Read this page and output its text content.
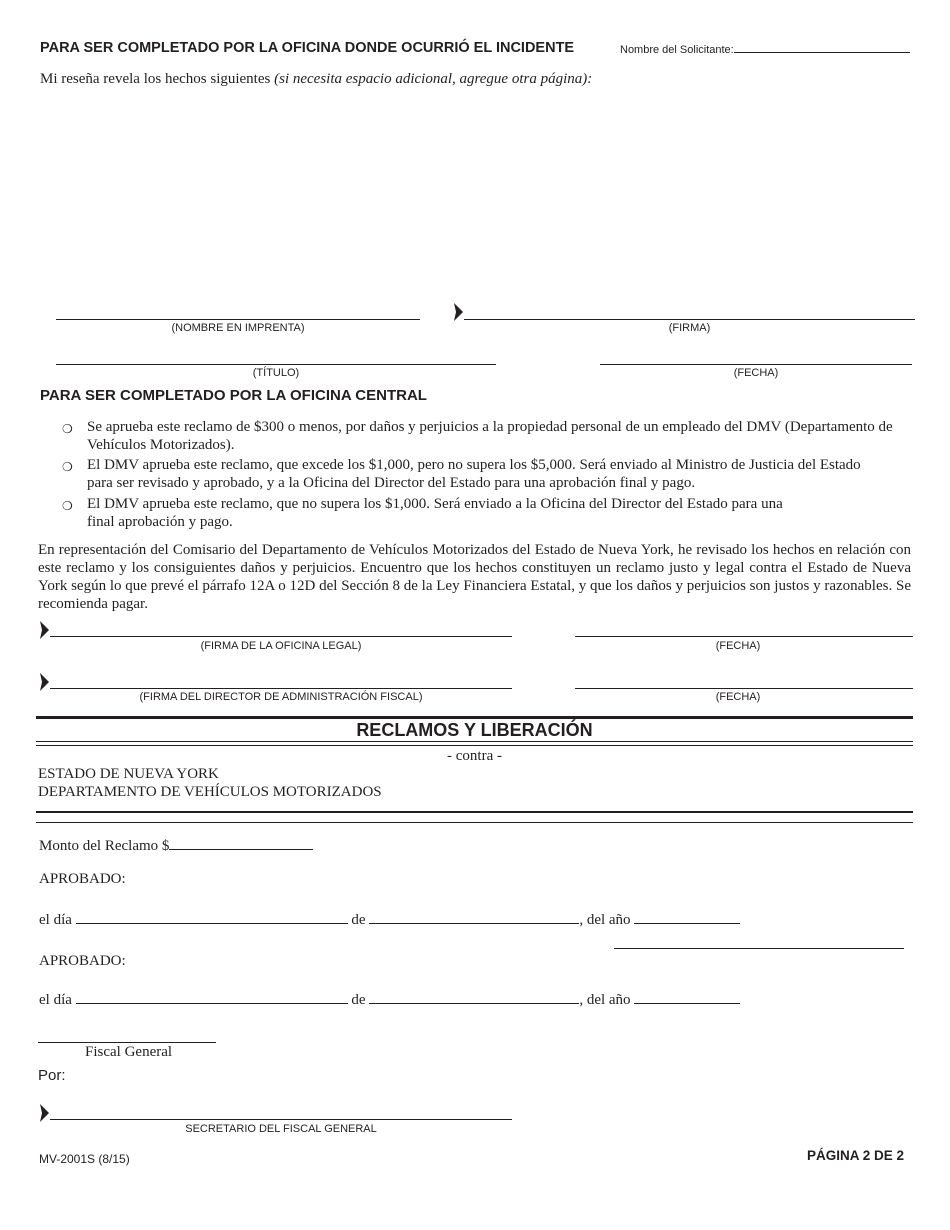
PARA SER COMPLETADO POR LA OFICINA DONDE OCURRIÓ EL INCIDENTE	Nombre del Solicitante:
Mi reseña revela los hechos siguientes (si necesita espacio adicional, agregue otra página):
(NOMBRE EN IMPRENTA)	(FIRMA)
(TÍTULO)	(FECHA)
PARA SER COMPLETADO POR LA OFICINA CENTRAL
❍ Se aprueba este reclamo de $300 o menos, por daños y perjuicios a la propiedad personal de un empleado del DMV (Departamento de
Vehículos Motorizados).
❍ El DMV aprueba este reclamo, que excede los $1,000, pero no supera los $5,000. Será enviado al Ministro de Justicia del Estado
para ser revisado y aprobado, y a la Oficina del Director del Estado para una aprobación final y pago.
❍ El DMV aprueba este reclamo, que no supera los $1,000. Será enviado a la Oficina del Director del Estado para una
final aprobación y pago.
En representación del Comisario del Departamento de Vehículos Motorizados del Estado de Nueva York, he revisado los hechos en relación con este reclamo y los consiguientes daños y perjuicios. Encuentro que los hechos constituyen un reclamo justo y legal contra el Estado de Nueva York según lo que prevé el párrafo 12A o 12D del Sección 8 de la Ley Financiera Estatal, y que los daños y perjuicios son justos y razonables. Se recomienda pagar.
(FIRMA DE LA OFICINA LEGAL)	(FECHA)
(FIRMA DEL DIRECTOR DE ADMINISTRACIÓN FISCAL)	(FECHA)
RECLAMOS Y LIBERACIÓN
- contra -
ESTADO DE NUEVA YORK
DEPARTAMENTO DE VEHÍCULOS MOTORIZADOS
Monto del Reclamo $
APROBADO:
el día	de	, del año
APROBADO:
el día	de	, del año
Fiscal General
Por:
SECRETARIO DEL FISCAL GENERAL
MV-2001S (8/15)	PÁGINA 2 DE 2
